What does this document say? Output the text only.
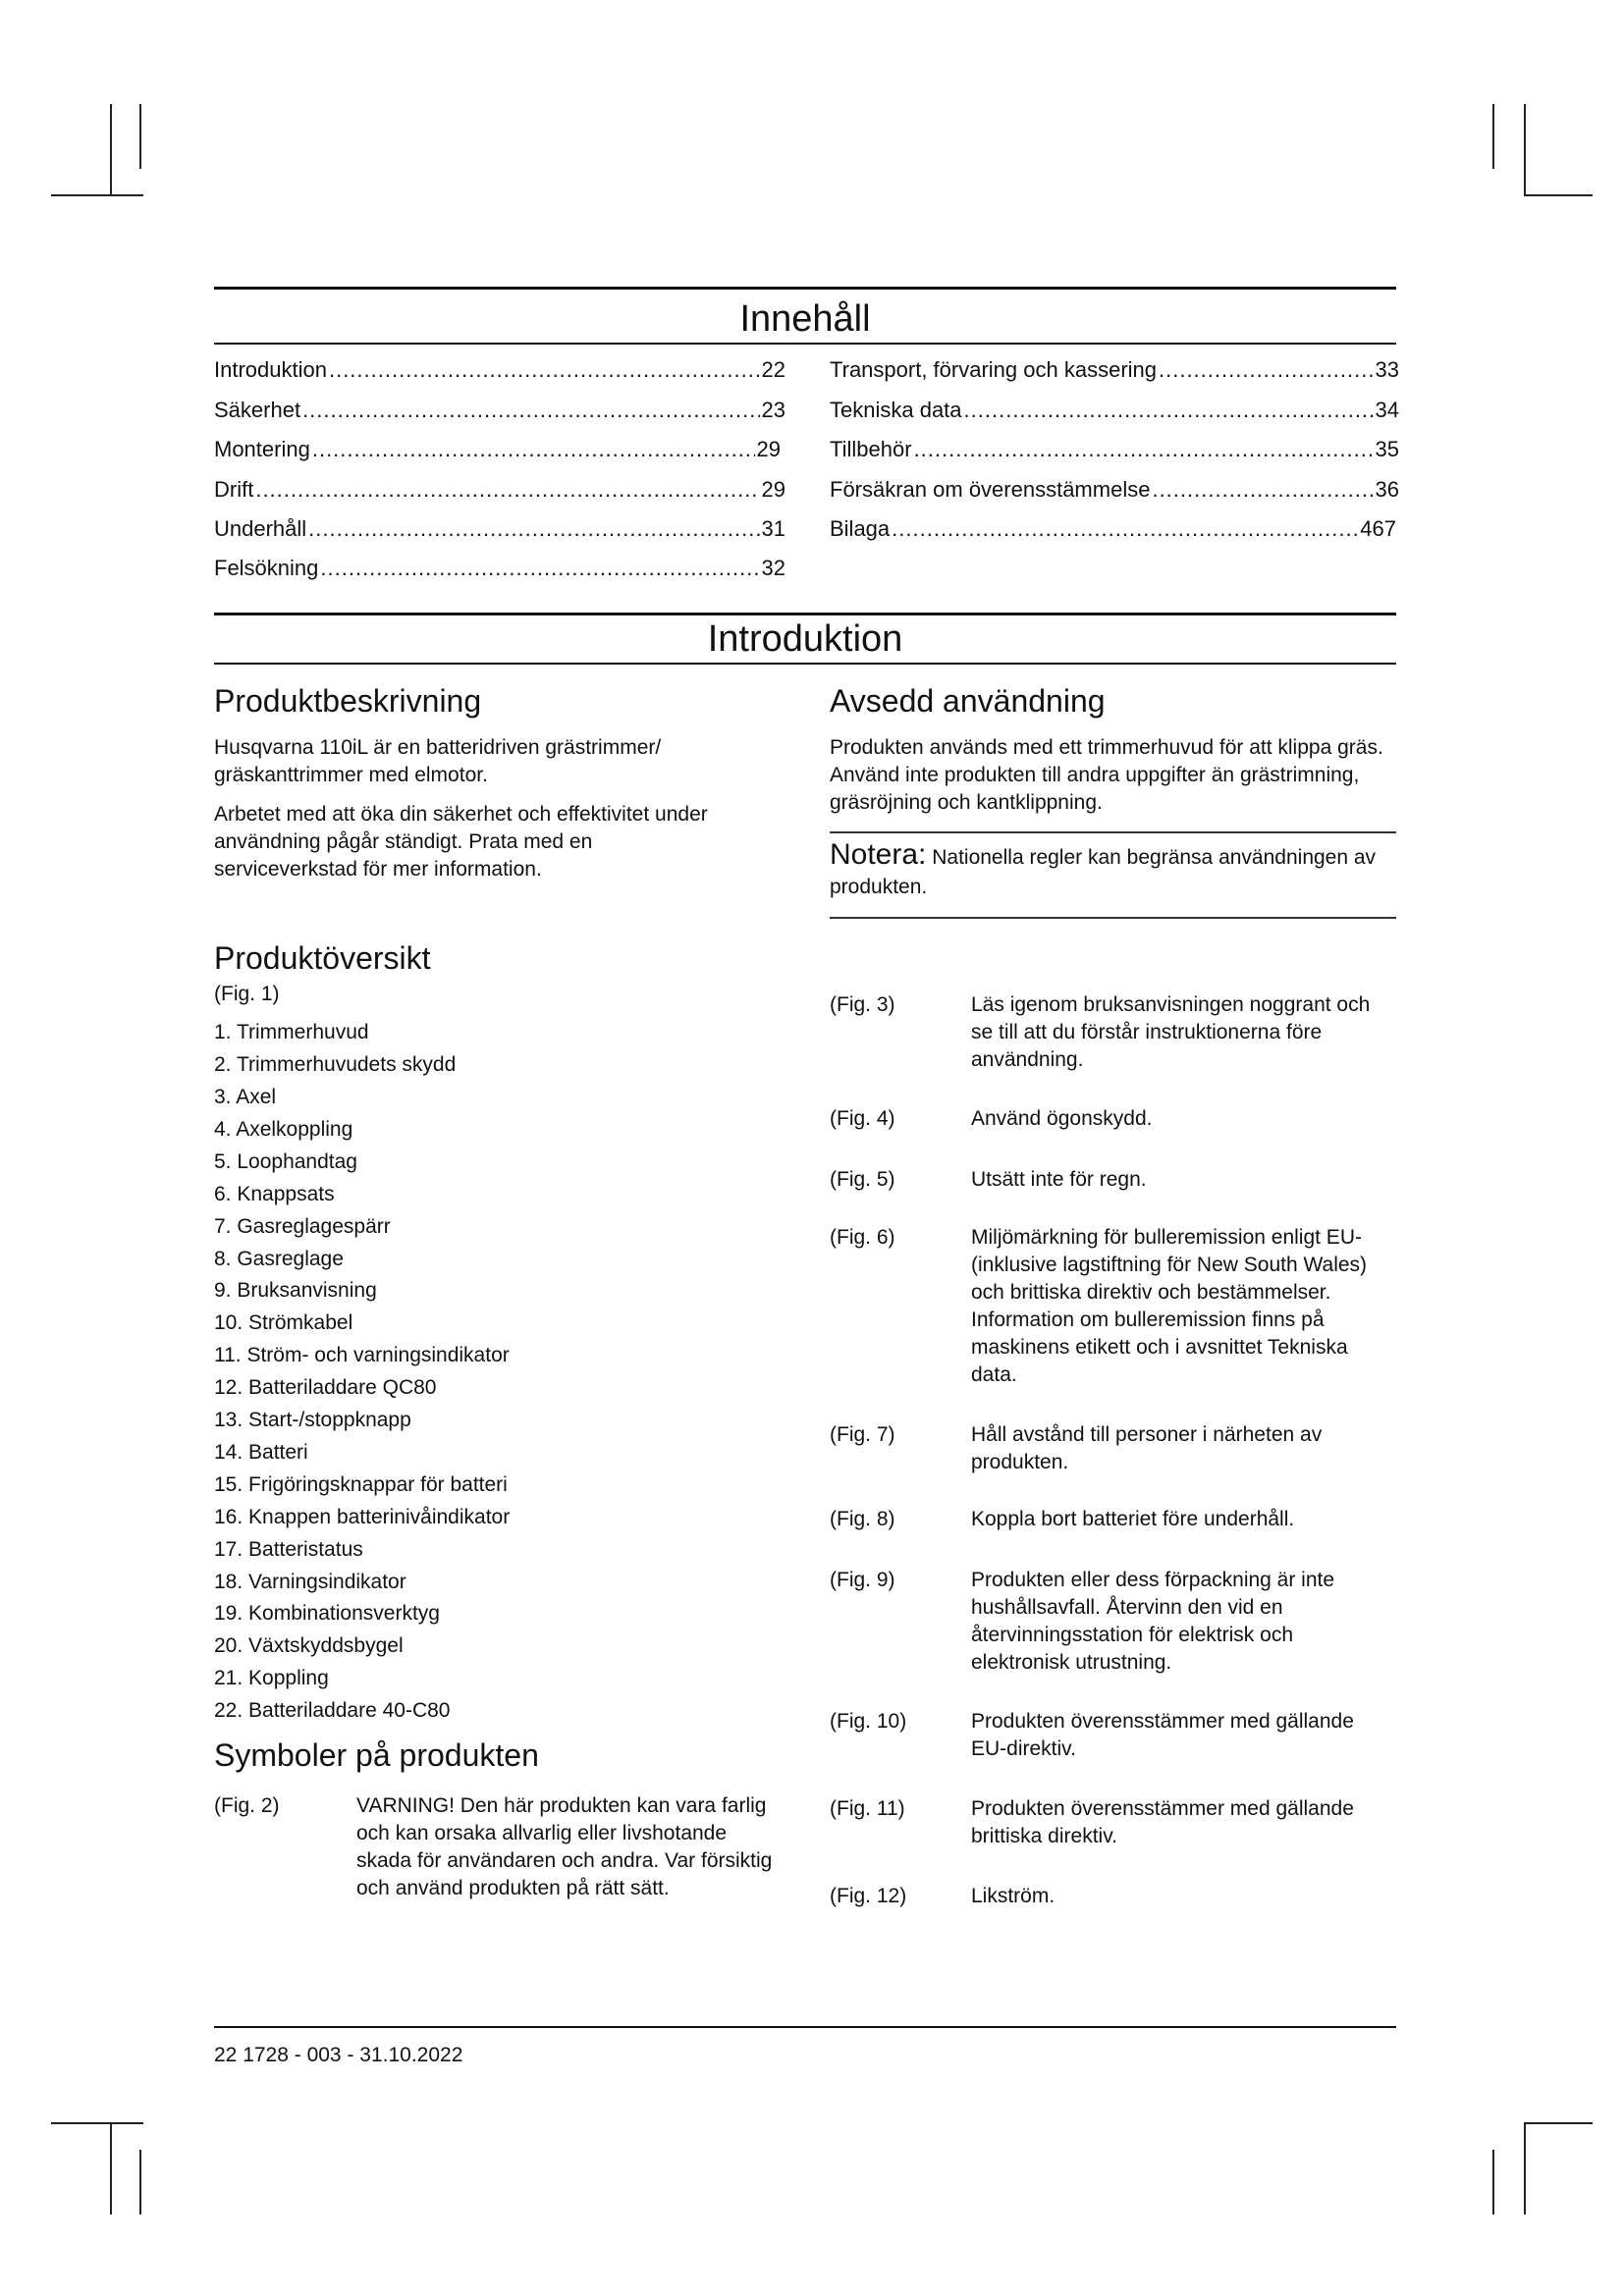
Innehåll
Introduktion .....	22
Säkerhet .....	23
Montering .....	29
Drift .....	29
Underhåll .....	31
Felsökning .....	32
Transport, förvaring och kassering .....	33
Tekniska data .....	34
Tillbehör .....	35
Försäkran om överensstämmelse .....	36
Bilaga .....	467
Introduktion
Produktbeskrivning

Husqvarna 110iL är en batteridriven grästrimmer/ gräskanttrimmer med elmotor.

Arbetet med att öka din säkerhet och effektivitet under användning pågår ständigt. Prata med en serviceverkstad för mer information.

Produktöversikt
(Fig. 1)
1. Trimmerhuvud
2. Trimmerhuvudets skydd
3. Axel
4. Axelkoppling
5. Loophandtag
6. Knappsats
7. Gasreglagespärr
8. Gasreglage
9. Bruksanvisning
10. Strömkabel
11. Ström- och varningsindikator
12. Batteriladdare QC80
13. Start-/stoppknapp
14. Batteri
15. Frigöringsknappar för batteri
16. Knappen batterinivåindikator
17. Batteristatus
18. Varningsindikator
19. Kombinationsverktyg
20. Växtskyddsbygel
21. Koppling
22. Batteriladdare 40-C80
Symboler på produkten
(Fig. 2)	VARNING! Den här produkten kan vara farlig och kan orsaka allvarlig eller livshotande skada för användaren och andra. Var försiktig och använd produkten på rätt sätt.
Avsedd användning

Produkten används med ett trimmerhuvud för att klippa gräs. Använd inte produkten till andra uppgifter än grästrimning, gräsröjning och kantklippning.

Notera: Nationella regler kan begränsa användningen av produkten.

(Fig. 3)	Läs igenom bruksanvisningen noggrant och se till att du förstår instruktionerna före användning.
(Fig. 4)	Använd ögonskydd.
(Fig. 5)	Utsätt inte för regn.
(Fig. 6)	Miljömärkning för bulleremission enligt EU- (inklusive lagstiftning för New South Wales) och brittiska direktiv och bestämmelser. Information om bulleremission finns på maskinens etikett och i avsnittet Tekniska data.
(Fig. 7)	Håll avstånd till personer i närheten av produkten.
(Fig. 8)	Koppla bort batteriet före underhåll.
(Fig. 9)	Produkten eller dess förpackning är inte hushållsavfall. Återvinn den vid en återvinningsstation för elektrisk och elektronisk utrustning.
(Fig. 10)	Produkten överensstämmer med gällande EU-direktiv.
(Fig. 11)	Produkten överensstämmer med gällande brittiska direktiv.
(Fig. 12)	Likström.
22 1728 - 003 - 31.10.2022
